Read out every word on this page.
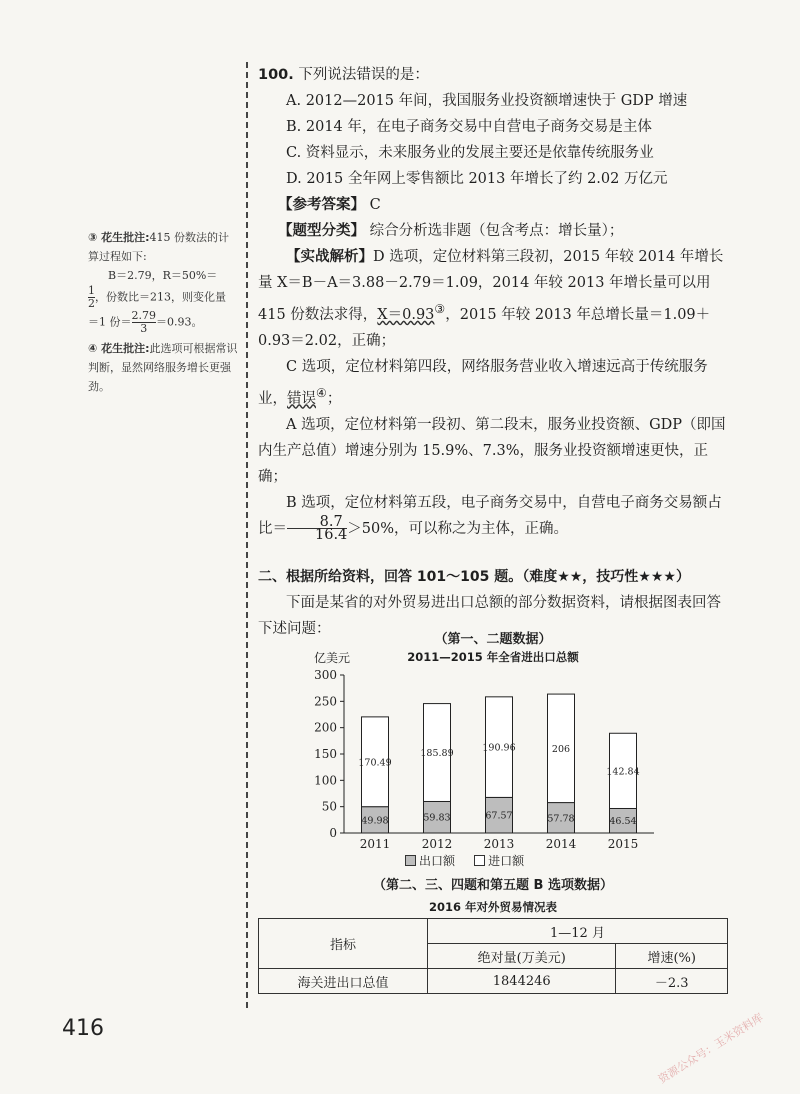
③ 花生批注:415 份数法的计算过程如下:
B＝2.79，R＝50%＝

$\frac{1}{2}$ ，份数比＝213，则变化量
＝1 份＝ $\frac{2.79}{3} =0.93$。

④ 花生批注:此选项可根据常识判断，显然网络服务增长更强劲。

100. 下列说法错误的是：

A. 2012—2015 年间，我国服务业投资额增速快于 GDP 增速

B. 2014 年，在电子商务交易中自营电子商务交易是主体

C. 资料显示，未来服务业的发展主要还是依靠传统服务业

D. 2015 全年网上零售额比 2013 年增长了约 2.02 万亿元

【参考答案】 C

【题型分类】 综合分析选非题（包含考点：增长量）；

【实战解析】D 选项，定位材料第三段初，2015 年较 2014 年增长量 X＝B－A＝3.88－2.79＝1.09，2014 年较 2013 年增长量可以用 415 份数法求得，X＝0.93③，2015 年较 2013 年总增长量＝1.09＋0.93＝2.02，正确；

C 选项，定位材料第四段，网络服务营业收入增速远高于传统服务业，错误④；

A 选项，定位材料第一段初、第二段末，服务业投资额、GDP（即国内生产总值）增速分别为 15.9%、7.3%，服务业投资额增速更快，正确；

B 选项，定位材料第五段，电子商务交易中，自营电子商务交易额占比＝ $\frac{8.7}{16.4} >50\%$，可以称之为主体，正确。

二、根据所给资料，回答 101～105 题。（难度★★，技巧性★★★）

下面是某省的对外贸易进出口总额的部分数据资料，请根据图表回答下述问题：

（第一、二题数据）
2011—2015 年全省进出口总额
亿美元
0
50
100
150
200
250
300
49.98
170.49
2011
59.83
185.89
2012
67.57
190.96
2013
57.78
206
2014
46.54
142.84
2015
出口额	进口额
（第二、三、四题和第五题 B 选项数据）
2016 年对外贸易情况表
指标	1—12 月	
	绝对量(万美元)	增速(%)
海关进出口总值	1844246	－2.3
416	资源公众号：玉米资料库
